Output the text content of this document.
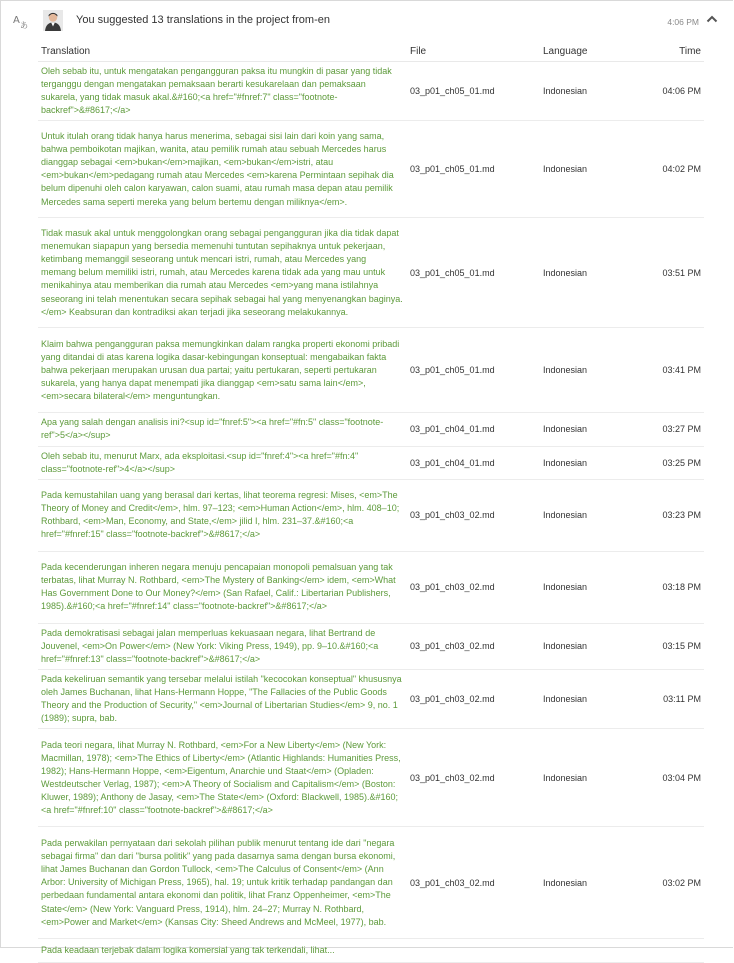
A あ	You suggested 13 translations in the project from-en	4:06 PM
Translation	File	Language	Time
Oleh sebab itu, untuk mengatakan pengangguran paksa itu mungkin di pasar yang tidak terganggu dengan mengatakan pemaksaan berarti kesukarelaan dan pemaksaan sukarela, yang tidak masuk akal.&#160;<a href="#fnref:7" class="footnote-backref">&#8617;</a>	03_p01_ch05_01.md	Indonesian	04:06 PM
Untuk itulah orang tidak hanya harus menerima, sebagai sisi lain dari koin yang sama, bahwa pemboikotan majikan, wanita, atau pemilik rumah atau sebuah Mercedes harus dianggap sebagai <em>bukan</em>majikan, <em>bukan</em>istri, atau <em>bukan</em>pedagang rumah atau Mercedes <em>karena Permintaan sepihak dia belum dipenuhi oleh calon karyawan, calon suami, atau rumah masa depan atau pemilik Mercedes sama seperti mereka yang belum bertemu dengan miliknya</em>.	03_p01_ch05_01.md	Indonesian	04:02 PM
Tidak masuk akal untuk menggolongkan orang sebagai pengangguran jika dia tidak dapat menemukan siapapun yang bersedia memenuhi tuntutan sepihaknya untuk pekerjaan, ketimbang memanggil seseorang untuk mencari istri, rumah, atau Mercedes yang memang belum memiliki istri, rumah, atau Mercedes karena tidak ada yang mau untuk menikahinya atau memberikan dia rumah atau Mercedes <em>yang mana istilahnya seseorang ini telah menentukan secara sepihak sebagai hal yang menyenangkan baginya.</em> Keabsuran dan kontradiksi akan terjadi jika seseorang melakukannya.	03_p01_ch05_01.md	Indonesian	03:51 PM
Klaim bahwa pengangguran paksa memungkinkan dalam rangka properti ekonomi pribadi yang ditandai di atas karena logika dasar-kebingungan konseptual: mengabaikan fakta bahwa pekerjaan merupakan urusan dua partai; yaitu pertukaran, seperti pertukaran sukarela, yang hanya dapat menempati jika dianggap <em>satu sama lain</em>, <em>secara bilateral</em> menguntungkan.	03_p01_ch05_01.md	Indonesian	03:41 PM
Apa yang salah dengan analisis ini?<sup id="fnref:5"><a href="#fn:5" class="footnote-ref">5</a></sup>	03_p01_ch04_01.md	Indonesian	03:27 PM
Oleh sebab itu, menurut Marx, ada eksploitasi.<sup id="fnref:4"><a href="#fn:4" class="footnote-ref">4</a></sup>	03_p01_ch04_01.md	Indonesian	03:25 PM
Pada kemustahilan uang yang berasal dari kertas, lihat teorema regresi: Mises, <em>The Theory of Money and Credit</em>, hlm. 97–123; <em>Human Action</em>, hlm. 408–10; Rothbard, <em>Man, Economy, and State,</em> jilid I, hlm. 231–37.&#160;<a href="#fnref:15" class="footnote-backref">&#8617;</a>	03_p01_ch03_02.md	Indonesian	03:23 PM
Pada kecenderungan inheren negara menuju pencapaian monopoli pemalsuan yang tak terbatas, lihat Murray N. Rothbard, <em>The Mystery of Banking</em> idem, <em>What Has Government Done to Our Money?</em> (San Rafael, Calif.: Libertarian Publishers, 1985).&#160;<a href="#fnref:14" class="footnote-backref">&#8617;</a>	03_p01_ch03_02.md	Indonesian	03:18 PM
Pada demokratisasi sebagai jalan memperluas kekuasaan negara, lihat Bertrand de Jouvenel, <em>On Power</em> (New York: Viking Press, 1949), pp. 9–10.&#160;<a href="#fnref:13" class="footnote-backref">&#8617;</a>	03_p01_ch03_02.md	Indonesian	03:15 PM
Pada kekeliruan semantik yang tersebar melalui istilah "kecocokan konseptual" khususnya oleh James Buchanan, lihat Hans-Hermann Hoppe, "The Fallacies of the Public Goods Theory and the Production of Security," <em>Journal of Libertarian Studies</em> 9, no. 1 (1989); supra, bab.	03_p01_ch03_02.md	Indonesian	03:11 PM
Pada teori negara, lihat Murray N. Rothbard, <em>For a New Liberty</em> (New York: Macmillan, 1978); <em>The Ethics of Liberty</em> (Atlantic Highlands: Humanities Press, 1982); Hans-Hermann Hoppe, <em>Eigentum, Anarchie und Staat</em> (Opladen: Westdeutscher Verlag, 1987); <em>A Theory of Socialism and Capitalism</em> (Boston: Kluwer, 1989); Anthony de Jasay, <em>The State</em> (Oxford: Blackwell, 1985).&#160;<a href="#fnref:10" class="footnote-backref">&#8617;</a>	03_p01_ch03_02.md	Indonesian	03:04 PM
Pada perwakilan pernyataan dari sekolah pilihan publik menurut tentang ide dari "negara sebagai firma" dan dari "bursa politik" yang pada dasarnya sama dengan bursa ekonomi, lihat James Buchanan dan Gordon Tullock, <em>The Calculus of Consent</em> (Ann Arbor: University of Michigan Press, 1965), hal. 19; untuk kritik terhadap pandangan dan perbedaan fundamental antara ekonomi dan politik, lihat Franz Oppenheimer, <em>The State</em> (New York: Vanguard Press, 1914), hlm. 24–27; Murray N. Rothbard, <em>Power and Market</em> (Kansas City: Sheed Andrews and McMeel, 1977), bab.	03_p01_ch03_02.md	Indonesian	03:02 PM
Pada keadaan terjebak dalam logika komersial yang tak terkendali, lihat...			
